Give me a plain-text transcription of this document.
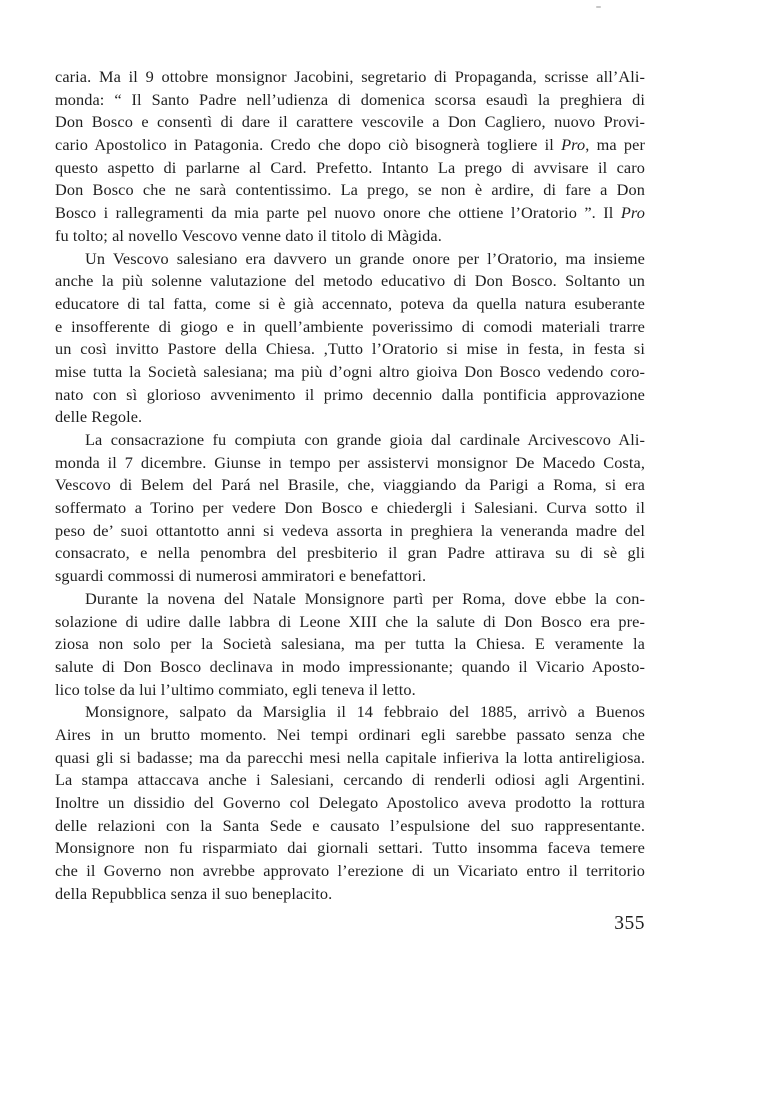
caria. Ma il 9 ottobre monsignor Jacobini, segretario di Propaganda, scrisse all’Ali-
monda: “ Il Santo Padre nell’udienza di domenica scorsa esaudì la preghiera di
Don Bosco e consentì di dare il carattere vescovile a Don Cagliero, nuovo Provi-
cario Apostolico in Patagonia. Credo che dopo ciò bisognerà togliere il Pro, ma per
questo aspetto di parlarne al Card. Prefetto. Intanto La prego di avvisare il caro
Don Bosco che ne sarà contentissimo. La prego, se non è ardire, di fare a Don
Bosco i rallegramenti da mia parte pel nuovo onore che ottiene l’Oratorio ”. Il Pro
fu tolto; al novello Vescovo venne dato il titolo di Màgida.
Un Vescovo salesiano era davvero un grande onore per l’Oratorio, ma insieme
anche la più solenne valutazione del metodo educativo di Don Bosco. Soltanto un
educatore di tal fatta, come si è già accennato, poteva da quella natura esuberante
e insofferente di giogo e in quell’ambiente poverissimo di comodi materiali trarre
un così invitto Pastore della Chiesa. ,Tutto l’Oratorio si mise in festa, in festa si
mise tutta la Società salesiana; ma più d’ogni altro gioiva Don Bosco vedendo coro-
nato con sì glorioso avvenimento il primo decennio dalla pontificia approvazione
delle Regole.
La consacrazione fu compiuta con grande gioia dal cardinale Arcivescovo Ali-
monda il 7 dicembre. Giunse in tempo per assistervi monsignor De Macedo Costa,
Vescovo di Belem del Pará nel Brasile, che, viaggiando da Parigi a Roma, si era
soffermato a Torino per vedere Don Bosco e chiedergli i Salesiani. Curva sotto il
peso de’ suoi ottantotto anni si vedeva assorta in preghiera la veneranda madre del
consacrato, e nella penombra del presbiterio il gran Padre attirava su di sè gli
sguardi commossi di numerosi ammiratori e benefattori.
Durante la novena del Natale Monsignore partì per Roma, dove ebbe la con-
solazione di udire dalle labbra di Leone XIII che la salute di Don Bosco era pre-
ziosa non solo per la Società salesiana, ma per tutta la Chiesa. E veramente la
salute di Don Bosco declinava in modo impressionante; quando il Vicario Aposto-
lico tolse da lui l’ultimo commiato, egli teneva il letto.
Monsignore, salpato da Marsiglia il 14 febbraio del 1885, arrivò a Buenos
Aires in un brutto momento. Nei tempi ordinari egli sarebbe passato senza che
quasi gli si badasse; ma da parecchi mesi nella capitale infieriva la lotta antireligiosa.
La stampa attaccava anche i Salesiani, cercando di renderli odiosi agli Argentini.
Inoltre un dissidio del Governo col Delegato Apostolico aveva prodotto la rottura
delle relazioni con la Santa Sede e causato l’espulsione del suo rappresentante.
Monsignore non fu risparmiato dai giornali settari. Tutto insomma faceva temere
che il Governo non avrebbe approvato l’erezione di un Vicariato entro il territorio
della Repubblica senza il suo beneplacito.
355
